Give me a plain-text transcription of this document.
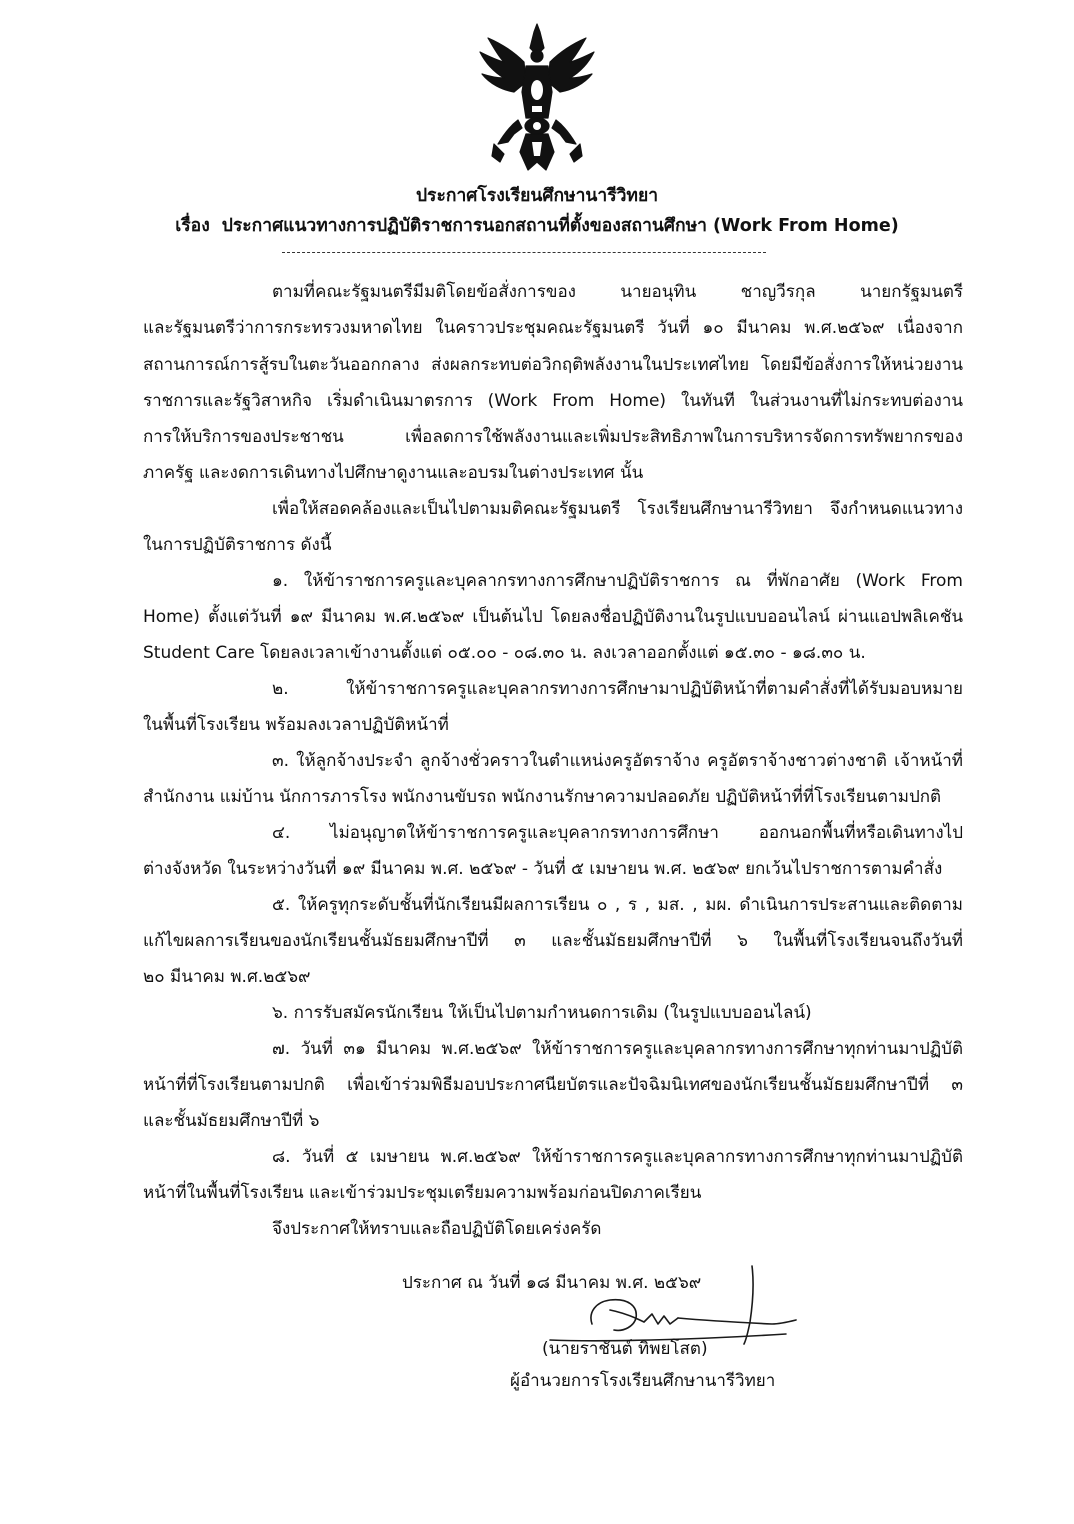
ประกาศโรงเรียนศึกษานารีวิทยา
เรื่อง ประกาศแนวทางการปฏิบัติราชการนอกสถานที่ตั้งของสถานศึกษา (Work From Home)
ตามที่คณะรัฐมนตรีมีมติโดยข้อสั่งการของ นายอนุทิน ชาญวีรกุล นายกรัฐมนตรี
และรัฐมนตรีว่าการกระทรวงมหาดไทย ในคราวประชุมคณะรัฐมนตรี วันที่ ๑๐ มีนาคม พ.ศ.๒๕๖๙ เนื่องจาก
สถานการณ์การสู้รบในตะวันออกกลาง ส่งผลกระทบต่อวิกฤติพลังงานในประเทศไทย โดยมีข้อสั่งการให้หน่วยงาน
ราชการและรัฐวิสาหกิจ เริ่มดำเนินมาตรการ (Work From Home) ในทันที ในส่วนงานที่ไม่กระทบต่องาน
การให้บริการของประชาชน เพื่อลดการใช้พลังงานและเพิ่มประสิทธิภาพในการบริหารจัดการทรัพยากรของ
ภาครัฐ และงดการเดินทางไปศึกษาดูงานและอบรมในต่างประเทศ นั้น
เพื่อให้สอดคล้องและเป็นไปตามมติคณะรัฐมนตรี โรงเรียนศึกษานารีวิทยา จึงกำหนดแนวทาง
ในการปฏิบัติราชการ ดังนี้
๑. ให้ข้าราชการครูและบุคลากรทางการศึกษาปฏิบัติราชการ ณ ที่พักอาศัย (Work From
Home) ตั้งแต่วันที่ ๑๙ มีนาคม พ.ศ.๒๕๖๙ เป็นต้นไป โดยลงชื่อปฏิบัติงานในรูปแบบออนไลน์ ผ่านแอปพลิเคชัน
Student Care โดยลงเวลาเข้างานตั้งแต่ ๐๕.๐๐ - ๐๘.๓๐ น. ลงเวลาออกตั้งแต่ ๑๕.๓๐ - ๑๘.๓๐ น.
๒. ให้ข้าราชการครูและบุคลากรทางการศึกษามาปฏิบัติหน้าที่ตามคำสั่งที่ได้รับมอบหมาย
ในพื้นที่โรงเรียน พร้อมลงเวลาปฏิบัติหน้าที่
๓. ให้ลูกจ้างประจำ ลูกจ้างชั่วคราวในตำแหน่งครูอัตราจ้าง ครูอัตราจ้างชาวต่างชาติ เจ้าหน้าที่
สำนักงาน แม่บ้าน นักการภารโรง พนักงานขับรถ พนักงานรักษาความปลอดภัย ปฏิบัติหน้าที่ที่โรงเรียนตามปกติ
๔. ไม่อนุญาตให้ข้าราชการครูและบุคลากรทางการศึกษา ออกนอกพื้นที่หรือเดินทางไป
ต่างจังหวัด ในระหว่างวันที่ ๑๙ มีนาคม พ.ศ. ๒๕๖๙ - วันที่ ๕ เมษายน พ.ศ. ๒๕๖๙ ยกเว้นไปราชการตามคำสั่ง
๕. ให้ครูทุกระดับชั้นที่นักเรียนมีผลการเรียน ๐ , ร , มส. , มผ. ดำเนินการประสานและติดตาม
แก้ไขผลการเรียนของนักเรียนชั้นมัธยมศึกษาปีที่ ๓ และชั้นมัธยมศึกษาปีที่ ๖ ในพื้นที่โรงเรียนจนถึงวันที่
๒๐ มีนาคม พ.ศ.๒๕๖๙
๖. การรับสมัครนักเรียน ให้เป็นไปตามกำหนดการเดิม (ในรูปแบบออนไลน์)
๗. วันที่ ๓๑ มีนาคม พ.ศ.๒๕๖๙ ให้ข้าราชการครูและบุคลากรทางการศึกษาทุกท่านมาปฏิบัติ
หน้าที่ที่โรงเรียนตามปกติ เพื่อเข้าร่วมพิธีมอบประกาศนียบัตรและปัจฉิมนิเทศของนักเรียนชั้นมัธยมศึกษาปีที่ ๓
และชั้นมัธยมศึกษาปีที่ ๖
๘. วันที่ ๕ เมษายน พ.ศ.๒๕๖๙ ให้ข้าราชการครูและบุคลากรทางการศึกษาทุกท่านมาปฏิบัติ
หน้าที่ในพื้นที่โรงเรียน และเข้าร่วมประชุมเตรียมความพร้อมก่อนปิดภาคเรียน
จึงประกาศให้ทราบและถือปฏิบัติโดยเคร่งครัด
ประกาศ ณ วันที่ ๑๘ มีนาคม พ.ศ. ๒๕๖๙
(นายราชันต์ ทิพยโสต)
ผู้อำนวยการโรงเรียนศึกษานารีวิทยา
